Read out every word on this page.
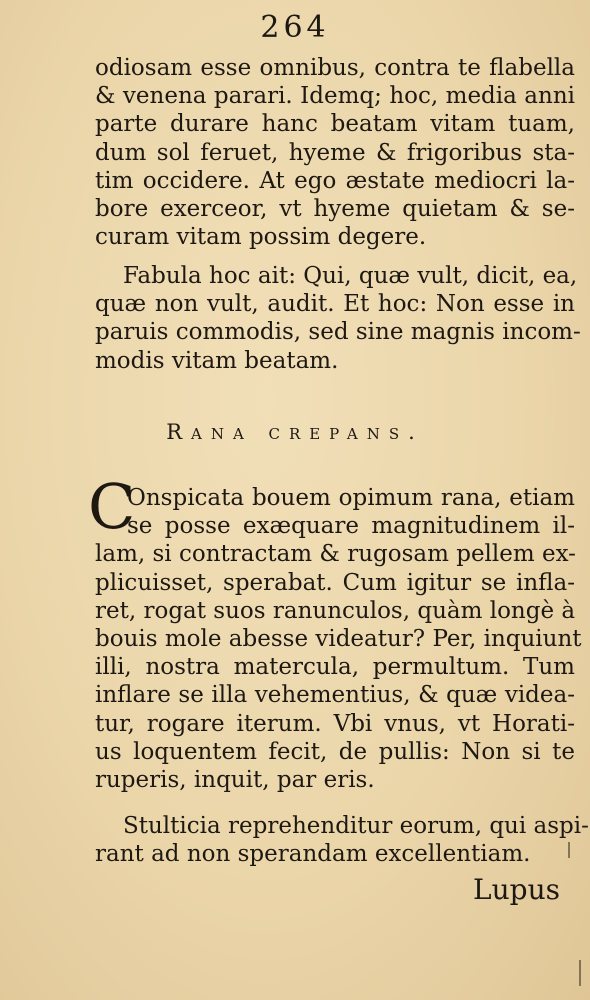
264
odiosam esse omnibus, contra te flabella
& venena parari. Idemq; hoc, media anni
parte durare hanc beatam vitam tuam,
dum sol feruet, hyeme & frigoribus sta-
tim occidere. At ego æstate mediocri la-
bore exerceor, vt hyeme quietam & se-
curam vitam possim degere.
Fabula hoc ait: Qui, quæ vult, dicit, ea,
quæ non vult, audit. Et hoc: Non esse in
paruis commodis, sed sine magnis incom-
modis vitam beatam.
Rana crepans.
C
Onspicata bouem opimum rana, etiam
se posse exæquare magnitudinem il-
lam, si contractam & rugosam pellem ex-
plicuisset, sperabat. Cum igitur se infla-
ret, rogat suos ranunculos, quàm longè à
bouis mole abesse videatur? Per, inquiunt
illi, nostra matercula, permultum. Tum
inflare se illa vehementius, & quæ videa-
tur, rogare iterum. Vbi vnus, vt Horati-
us loquentem fecit, de pullis: Non si te
ruperis, inquit, par eris.
Stulticia reprehenditur eorum, qui aspi-
rant ad non sperandam excellentiam.
Lupus
